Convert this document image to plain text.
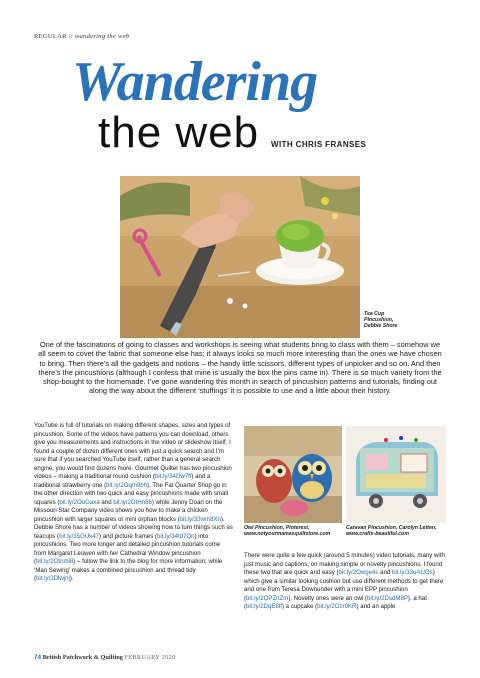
REGULAR // wandering the web
Wandering
the web WITH CHRIS FRANSES
Tea Cup
Pincushion,
Debbie Shore
One of the fascinations of going to classes and workshops is seeing what students bring to class with them – somehow we all seem to covet the fabric that someone else has; it always looks so much more interesting than the ones we have chosen to bring. Then there’s all the gadgets and notions – the handy little scissors, different types of unpicker and so on. And then there’s the pincushions (although I confess that mine is usually the box the pins came in). There is so much variety from the shop-bought to the homemade. I’ve gone wandering this month in search of pincushion patterns and tutorials, finding out along the way about the different ‘stuffings’ it is possible to use and a little about their history.
YouTube is full of tutorials on making different shapes, sizes and types of pincushion. Some of the videos have patterns you can download, others give you measurements and instructions in the video or slideshow itself. I found a couple of dozen different ones with just a quick search and I’m sure that if you searched YouTube itself, rather than a general search engine, you would find dozens more. Gourmet Quilter has two pincushion videos – making a traditional round cushion (bit.ly/34Dw7ff) and a traditional strawberry one (bit.ly/2Oqm9bh). The Fat Quarter Shop go in the other direction with two quick and easy pincushions made with small squares (bit.ly/2OuGaxa and bit.ly/2OtHn86) while Jenny Doan on the Missouri Star Company video shows you how to make a chicken pincushion with larger squares or mini orphan blocks (bit.ly/33wm8Xn). Debbie Shore has a number of videos showing how to turn things such as teacups (bit.ly/35GUk47) and picture frames (bit.ly/34td7Qn) into pincushions. Two more longer and detailed pincushion tutorials come from Margaret Leuwen with her Cathedral Window pincushion (bit.ly/2Otnmi8) – follow the link to the blog for more information; while ‘Man Sewing’ makes a combined pincushion and thread tidy (bit.ly/2Dlwjnj).
Owl Pincushion, Pinterest,
www.notyourmamasquiltstore.com
Caravan Pincushion, Carolyn Letten,
www.crafts-beautiful.com
There were quite a few quick (around 5 minutes) video tutorials, many with just music and captions, on making simple or novelty pincushions. I found these two that are quick and easy (bit.ly/2Owge4s and bit.ly/33uAUOs) which give a similar looking cushion but use different methods to get there and one from Teresa Downunder with a mini EPP pincushion (bit.ly/2OPZnZm). Novelty ones were an owl (bit.ly/2DsdM8P), a hat (bit.ly/2DqE8lf) a cupcake (bit.ly/2Ozr9KR) and an apple
74 British Patchwork & Quilting FEBRUARY 2020
